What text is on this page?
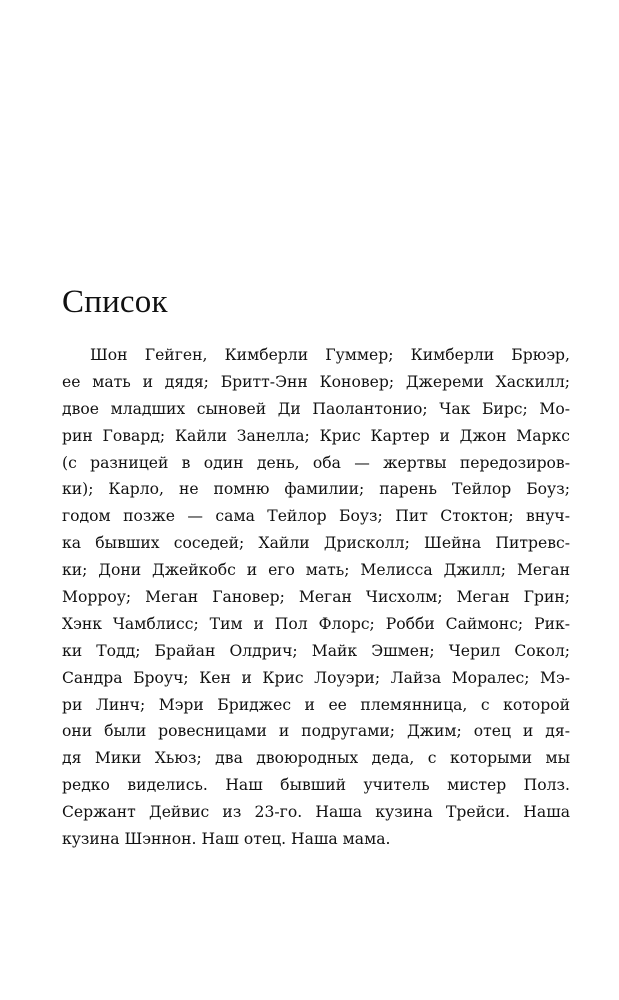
Список
Шон Гейген, Кимберли Гуммер; Кимберли Брюэр,
ее мать и дядя; Бритт-Энн Коновер; Джереми Хаскилл;
двое младших сыновей Ди Паолантонио; Чак Бирс; Мо-
рин Говард; Кайли Занелла; Крис Картер и Джон Маркс
(с разницей в один день, оба — жертвы передозиров-
ки); Карло, не помню фамилии; парень Тейлор Боуз;
годом позже — сама Тейлор Боуз; Пит Стоктон; внуч-
ка бывших соседей; Хайли Дрисколл; Шейна Питревс-
ки; Дони Джейкобс и его мать; Мелисса Джилл; Меган
Морроу; Меган Гановер; Меган Чисхолм; Меган Грин;
Хэнк Чамблисс; Тим и Пол Флорс; Робби Саймонс; Рик-
ки Тодд; Брайан Олдрич; Майк Эшмен; Черил Сокол;
Сандра Броуч; Кен и Крис Лоуэри; Лайза Моралес; Мэ-
ри Линч; Мэри Бриджес и ее племянница, с которой
они были ровесницами и подругами; Джим; отец и дя-
дя Мики Хьюз; два двоюродных деда, с которыми мы
редко виделись. Наш бывший учитель мистер Полз.
Сержант Дейвис из 23-го. Наша кузина Трейси. Наша
кузина Шэннон. Наш отец. Наша мама.
